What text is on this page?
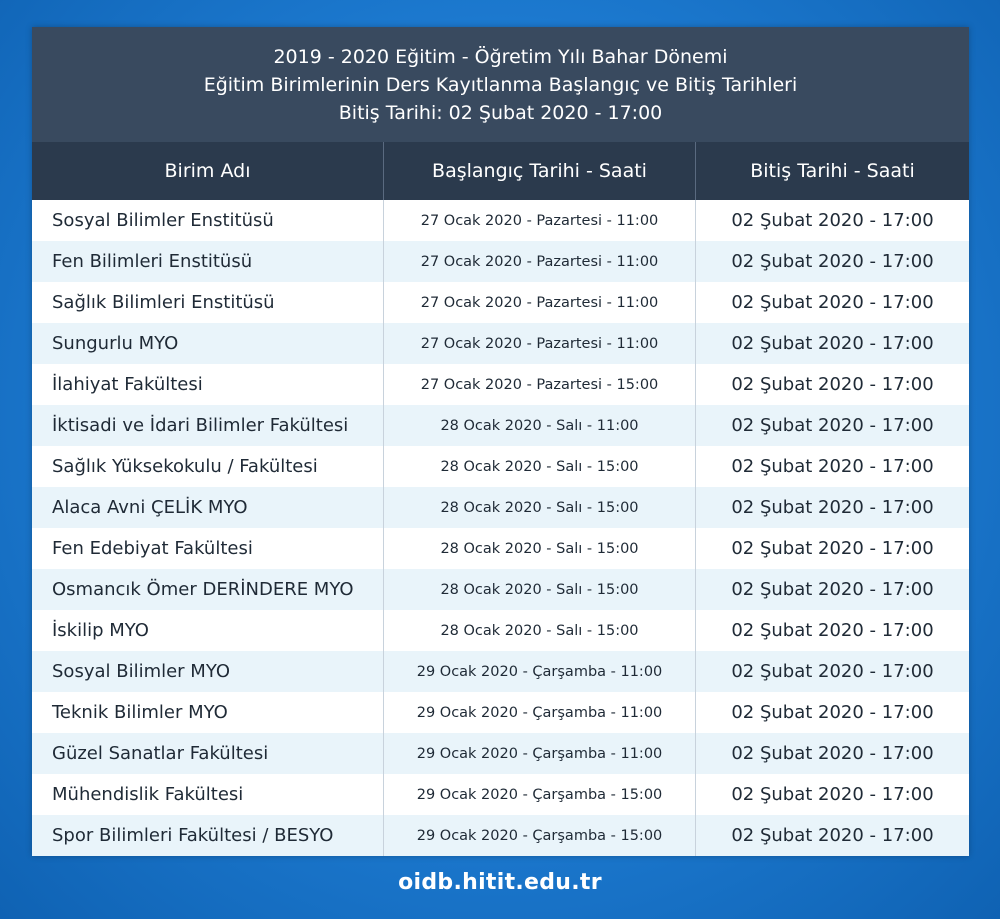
2019 - 2020 Eğitim - Öğretim Yılı Bahar Dönemi
Eğitim Birimlerinin Ders Kayıtlanma Başlangıç ve Bitiş Tarihleri
Bitiş Tarihi: 02 Şubat 2020 - 17:00
Birim Adı	Başlangıç Tarihi - Saati	Bitiş Tarihi - Saati
Sosyal Bilimler Enstitüsü	27 Ocak 2020 - Pazartesi - 11:00	02 Şubat 2020 - 17:00
Fen Bilimleri Enstitüsü	27 Ocak 2020 - Pazartesi - 11:00	02 Şubat 2020 - 17:00
Sağlık Bilimleri Enstitüsü	27 Ocak 2020 - Pazartesi - 11:00	02 Şubat 2020 - 17:00
Sungurlu MYO	27 Ocak 2020 - Pazartesi - 11:00	02 Şubat 2020 - 17:00
İlahiyat Fakültesi	27 Ocak 2020 - Pazartesi - 15:00	02 Şubat 2020 - 17:00
İktisadi ve İdari Bilimler Fakültesi	28 Ocak 2020 - Salı - 11:00	02 Şubat 2020 - 17:00
Sağlık Yüksekokulu / Fakültesi	28 Ocak 2020 - Salı - 15:00	02 Şubat 2020 - 17:00
Alaca Avni ÇELİK MYO	28 Ocak 2020 - Salı - 15:00	02 Şubat 2020 - 17:00
Fen Edebiyat Fakültesi	28 Ocak 2020 - Salı - 15:00	02 Şubat 2020 - 17:00
Osmancık Ömer DERİNDERE MYO	28 Ocak 2020 - Salı - 15:00	02 Şubat 2020 - 17:00
İskilip MYO	28 Ocak 2020 - Salı - 15:00	02 Şubat 2020 - 17:00
Sosyal Bilimler MYO	29 Ocak 2020 - Çarşamba - 11:00	02 Şubat 2020 - 17:00
Teknik Bilimler MYO	29 Ocak 2020 - Çarşamba - 11:00	02 Şubat 2020 - 17:00
Güzel Sanatlar Fakültesi	29 Ocak 2020 - Çarşamba - 11:00	02 Şubat 2020 - 17:00
Mühendislik Fakültesi	29 Ocak 2020 - Çarşamba - 15:00	02 Şubat 2020 - 17:00
Spor Bilimleri Fakültesi / BESYO	29 Ocak 2020 - Çarşamba - 15:00	02 Şubat 2020 - 17:00
oidb.hitit.edu.tr
